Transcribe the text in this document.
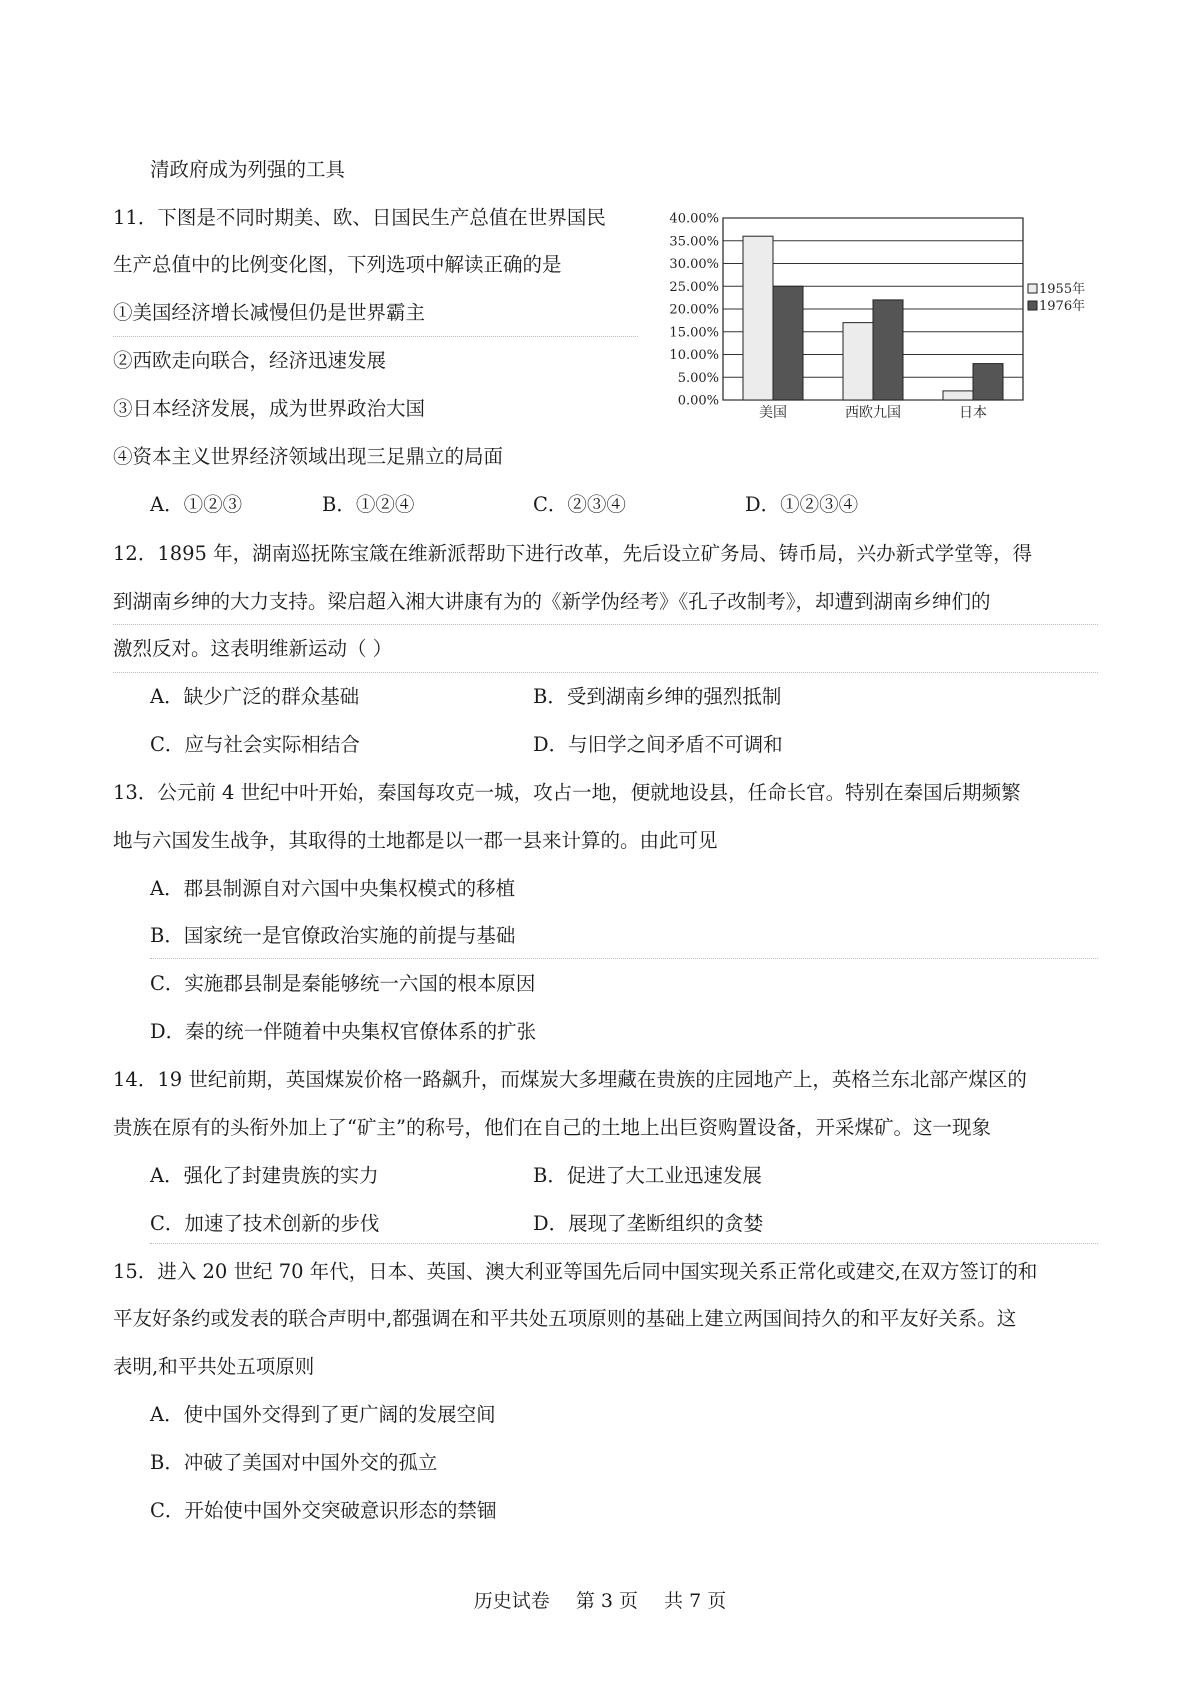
清政府成为列强的工具
11．下图是不同时期美、欧、日国民生产总值在世界国民
生产总值中的比例变化图，下列选项中解读正确的是
①美国经济增长减慢但仍是世界霸主
②西欧走向联合，经济迅速发展
③日本经济发展，成为世界政治大国
④资本主义世界经济领域出现三足鼎立的局面
A．①②③	B．①②④	C．②③④	D．①②③④
12．1895 年，湖南巡抚陈宝箴在维新派帮助下进行改革，先后设立矿务局、铸币局，兴办新式学堂等，得
到湖南乡绅的大力支持。梁启超入湘大讲康有为的《新学伪经考》《孔子改制考》，却遭到湖南乡绅们的
激烈反对。这表明维新运动（ ）
A．缺少广泛的群众基础	B．受到湖南乡绅的强烈抵制
C．应与社会实际相结合	D．与旧学之间矛盾不可调和
13．公元前 4 世纪中叶开始，秦国每攻克一城，攻占一地，便就地设县，任命长官。特别在秦国后期频繁
地与六国发生战争，其取得的土地都是以一郡一县来计算的。由此可见
A．郡县制源自对六国中央集权模式的移植
B．国家统一是官僚政治实施的前提与基础
C．实施郡县制是秦能够统一六国的根本原因
D．秦的统一伴随着中央集权官僚体系的扩张
14．19 世纪前期，英国煤炭价格一路飙升，而煤炭大多埋藏在贵族的庄园地产上，英格兰东北部产煤区的
贵族在原有的头衔外加上了“矿主”的称号，他们在自己的土地上出巨资购置设备，开采煤矿。这一现象
A．强化了封建贵族的实力	B．促进了大工业迅速发展
C．加速了技术创新的步伐	D．展现了垄断组织的贪婪
15．进入 20 世纪 70 年代，日本、英国、澳大利亚等国先后同中国实现关系正常化或建交,在双方签订的和
平友好条约或发表的联合声明中,都强调在和平共处五项原则的基础上建立两国间持久的和平友好关系。这
表明,和平共处五项原则
A．使中国外交得到了更广阔的发展空间
B．冲破了美国对中国外交的孤立
C．开始使中国外交突破意识形态的禁锢
0.00%
5.00%
10.00%
15.00%
20.00%
25.00%
30.00%
35.00%
40.00%
美国	西欧九国	日本
1955年
1976年
历史试卷 第 3 页 共 7 页
